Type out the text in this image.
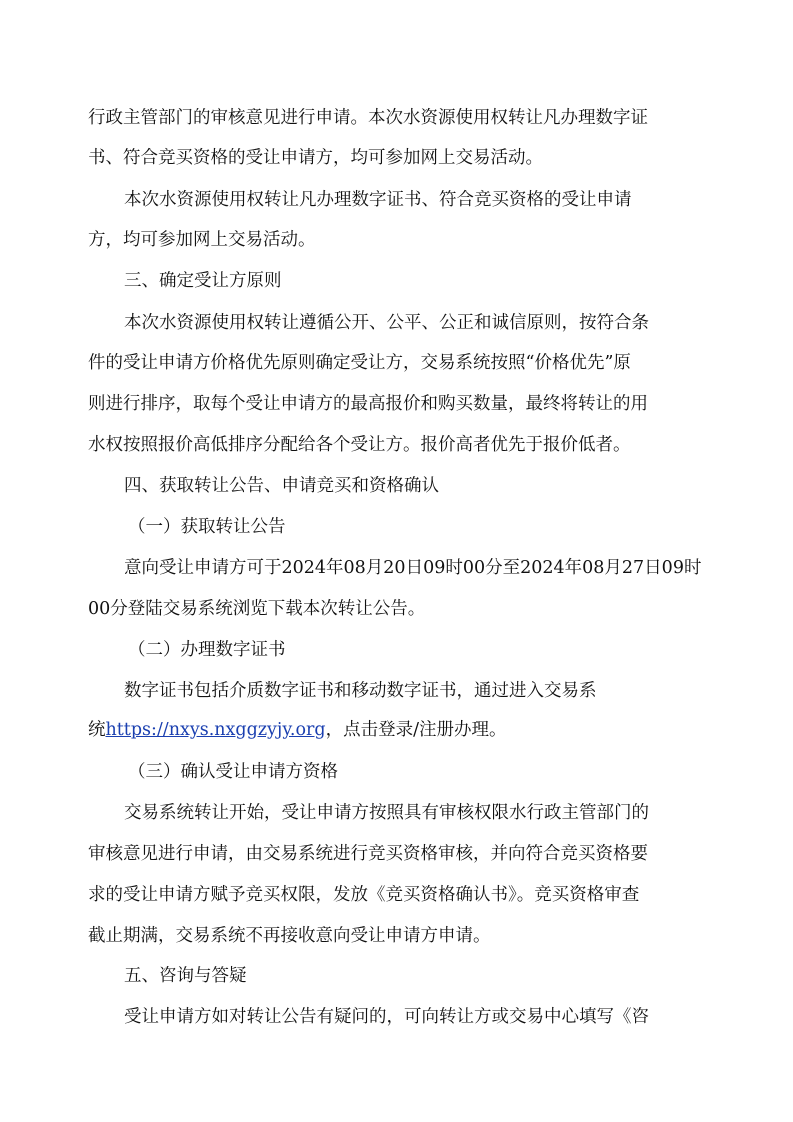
行政主管部门的审核意见进行申请。本次水资源使用权转让凡办理数字证
书、符合竞买资格的受让申请方，均可参加网上交易活动。
本次水资源使用权转让凡办理数字证书、符合竞买资格的受让申请
方，均可参加网上交易活动。
三、确定受让方原则
本次水资源使用权转让遵循公开、公平、公正和诚信原则，按符合条
件的受让申请方价格优先原则确定受让方，交易系统按照“价格优先”原
则进行排序，取每个受让申请方的最高报价和购买数量，最终将转让的用
水权按照报价高低排序分配给各个受让方。报价高者优先于报价低者。
四、获取转让公告、申请竞买和资格确认
（一）获取转让公告
意向受让申请方可于2024年08月20日09时00分至2024年08月27日09时
00分登陆交易系统浏览下载本次转让公告。
（二）办理数字证书
数字证书包括介质数字证书和移动数字证书，通过进入交易系
统https://nxys.nxggzyjy.org，点击登录/注册办理。
（三）确认受让申请方资格
交易系统转让开始，受让申请方按照具有审核权限水行政主管部门的
审核意见进行申请，由交易系统进行竞买资格审核，并向符合竞买资格要
求的受让申请方赋予竞买权限，发放《竞买资格确认书》。竞买资格审查
截止期满，交易系统不再接收意向受让申请方申请。
五、咨询与答疑
受让申请方如对转让公告有疑问的，可向转让方或交易中心填写《咨
